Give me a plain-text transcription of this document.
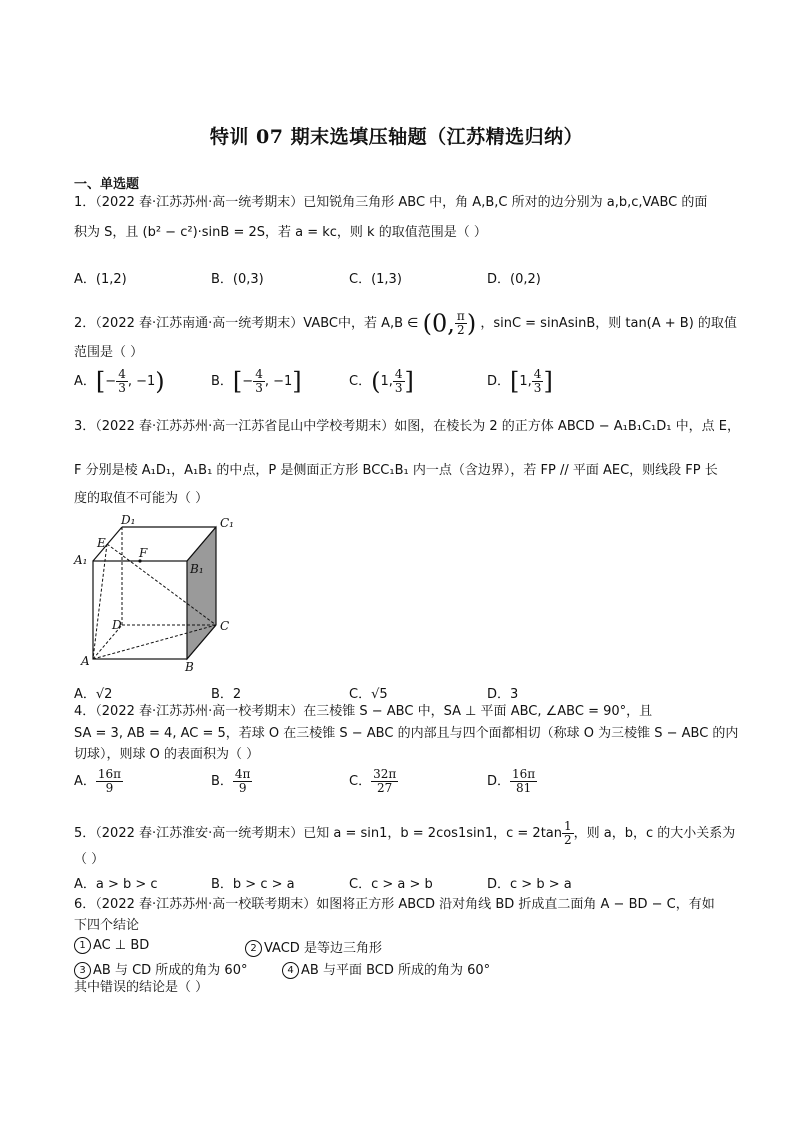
特训 07 期末选填压轴题（江苏精选归纳）
一、单选题
1．（2022 春·江苏苏州·高一统考期末）已知锐角三角形 ABC 中，角 A,B,C 所对的边分别为 a,b,c,VABC 的面
积为 S，且 (b² − c²)·sinB = 2S，若 a = kc，则 k 的取值范围是（ ）
A．(1,2)	B．(0,3)	C．(1,3)	D．(0,2)
2．（2022 春·江苏南通·高一统考期末）VABC中，若 A,B ∈ (0, $\frac{\pi}{2}$ ) ，sinC = sinAsinB，则 tan(A + B) 的取值
范围是（ ）
A．[− $\frac{4}{3}$ , −1)	B．[− $\frac{4}{3}$ , −1]	C．(1, $\frac{4}{3}$ ]	D．[1, $\frac{4}{3}$ ]
3．（2022 春·江苏苏州·高一江苏省昆山中学校考期末）如图，在棱长为 2 的正方体 ABCD − A₁B₁C₁D₁ 中，点 E，
F 分别是棱 A₁D₁，A₁B₁ 的中点，P 是侧面正方形 BCC₁B₁ 内一点（含边界），若 FP // 平面 AEC，则线段 FP 长
度的取值不可能为（ ）
D₁	C₁
A₁
B₁
E
F
D	C
A	B
A．√2	B．2	C．√5	D．3
4．（2022 春·江苏苏州·高一校考期末）在三棱锥 S − ABC 中，SA ⊥ 平面 ABC, ∠ABC = 90°，且
SA = 3, AB = 4, AC = 5，若球 O 在三棱锥 S − ABC 的内部且与四个面都相切（称球 O 为三棱锥 S − ABC 的内
切球），则球 O 的表面积为（ ）
A． $\frac{16\pi}{9}$	B． $\frac{4\pi}{9}$	C． $\frac{32\pi}{27}$	D． $\frac{16\pi}{81}$
5．（2022 春·江苏淮安·高一统考期末）已知 a = sin1，b = 2cos1sin1，$c = 2\tan \frac{1}{2}$ ，则 a，b，c 的大小关系为
（ ）
A．a > b > c	B．b > c > a	C．c > a > b	D．c > b > a
6．（2022 春·江苏苏州·高一校联考期末）如图将正方形 ABCD 沿对角线 BD 折成直二面角 A − BD − C，有如
下四个结论
1 AC ⊥ BD	2 VACD 是等边三角形
3 AB 与 CD 所成的角为 60°	4 AB 与平面 BCD 所成的角为 60°
其中错误的结论是（ ）
